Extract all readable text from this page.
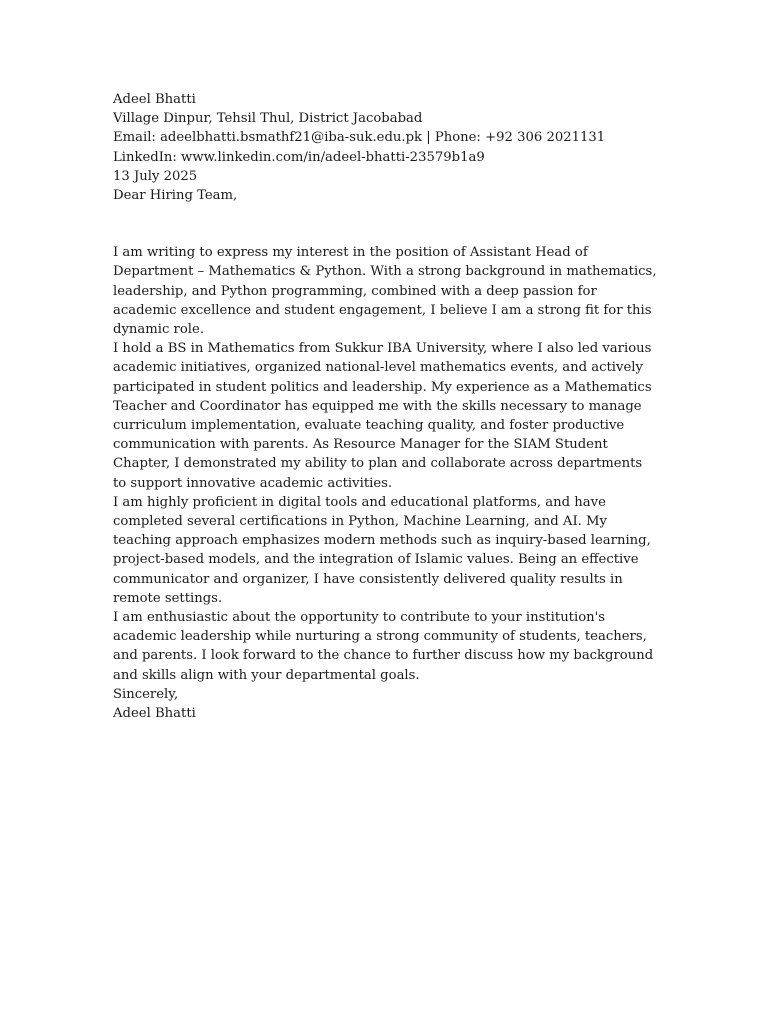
Adeel Bhatti

Village Dinpur, Tehsil Thul, District Jacobabad

Email: adeelbhatti.bsmathf21@iba-suk.edu.pk | Phone: +92 306 2021131

LinkedIn: www.linkedin.com/in/adeel-bhatti-23579b1a9

13 July 2025

Dear Hiring Team,

I am writing to express my interest in the position of Assistant Head of Department – Mathematics & Python. With a strong background in mathematics, leadership, and Python programming, combined with a deep passion for academic excellence and student engagement, I believe I am a strong fit for this dynamic role.

I hold a BS in Mathematics from Sukkur IBA University, where I also led various academic initiatives, organized national-level mathematics events, and actively participated in student politics and leadership. My experience as a Mathematics Teacher and Coordinator has equipped me with the skills necessary to manage curriculum implementation, evaluate teaching quality, and foster productive communication with parents. As Resource Manager for the SIAM Student Chapter, I demonstrated my ability to plan and collaborate across departments to support innovative academic activities.

I am highly proficient in digital tools and educational platforms, and have completed several certifications in Python, Machine Learning, and AI. My teaching approach emphasizes modern methods such as inquiry-based learning, project-based models, and the integration of Islamic values. Being an effective communicator and organizer, I have consistently delivered quality results in remote settings.

I am enthusiastic about the opportunity to contribute to your institution's academic leadership while nurturing a strong community of students, teachers, and parents. I look forward to the chance to further discuss how my background and skills align with your departmental goals.

Sincerely,

Adeel Bhatti
